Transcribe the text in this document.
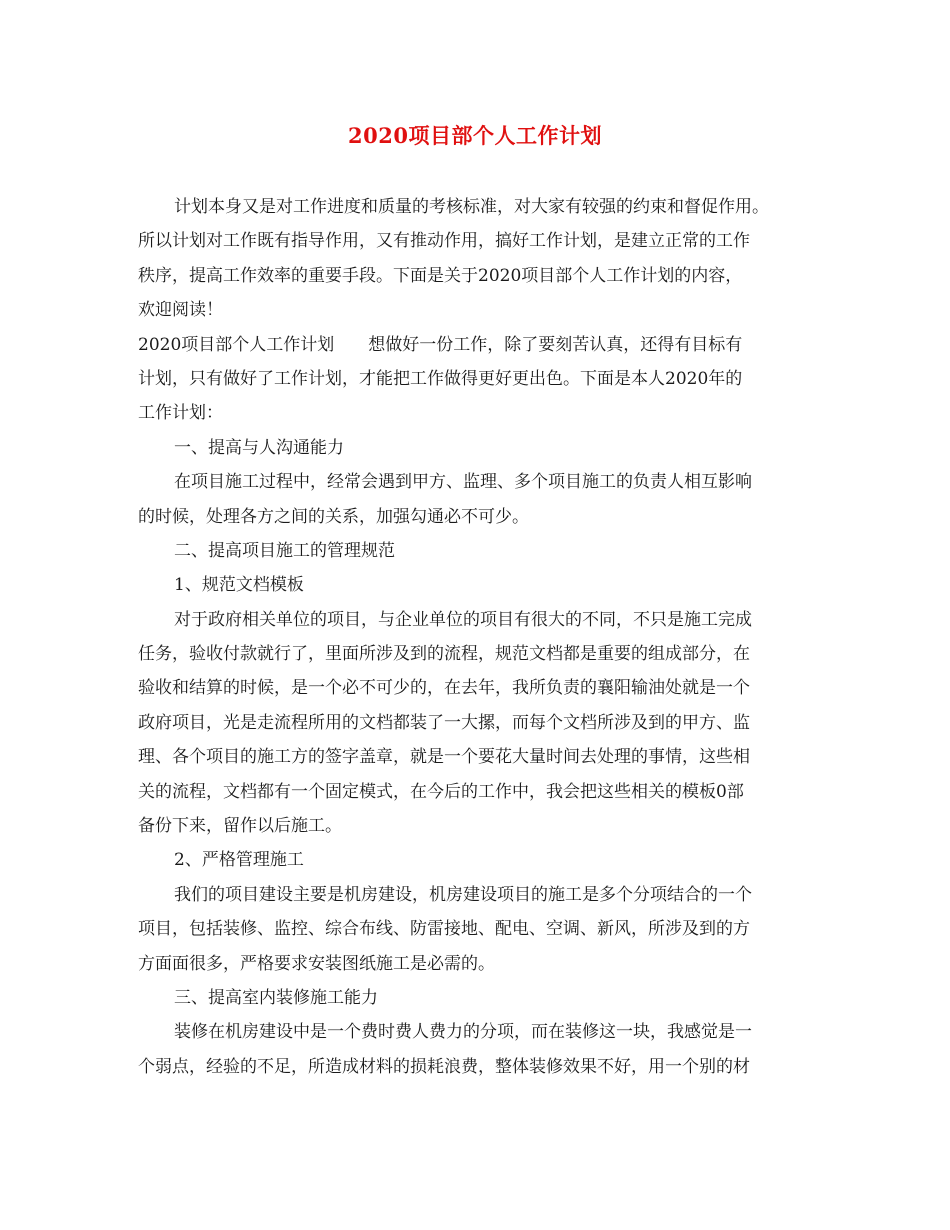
2020项目部个人工作计划
计划本身又是对工作进度和质量的考核标准，对大家有较强的约束和督促作用。
所以计划对工作既有指导作用，又有推动作用，搞好工作计划，是建立正常的工作
秩序，提高工作效率的重要手段。下面是关于2020项目部个人工作计划的内容，
欢迎阅读！
2020项目部个人工作计划　　想做好一份工作，除了要刻苦认真，还得有目标有
计划，只有做好了工作计划，才能把工作做得更好更出色。下面是本人2020年的
工作计划：
一、提高与人沟通能力
在项目施工过程中，经常会遇到甲方、监理、多个项目施工的负责人相互影响
的时候，处理各方之间的关系，加强勾通必不可少。
二、提高项目施工的管理规范
1、规范文档模板
对于政府相关单位的项目，与企业单位的项目有很大的不同，不只是施工完成
任务，验收付款就行了，里面所涉及到的流程，规范文档都是重要的组成部分，在
验收和结算的时候，是一个必不可少的，在去年，我所负责的襄阳输油处就是一个
政府项目，光是走流程所用的文档都装了一大摞，而每个文档所涉及到的甲方、监
理、各个项目的施工方的签字盖章，就是一个要花大量时间去处理的事情，这些相
关的流程，文档都有一个固定模式，在今后的工作中，我会把这些相关的模板0部
备份下来，留作以后施工。
2、严格管理施工
我们的项目建设主要是机房建设，机房建设项目的施工是多个分项结合的一个
项目，包括装修、监控、综合布线、防雷接地、配电、空调、新风，所涉及到的方
方面面很多，严格要求安装图纸施工是必需的。
三、提高室内装修施工能力
装修在机房建设中是一个费时费人费力的分项，而在装修这一块，我感觉是一
个弱点，经验的不足，所造成材料的损耗浪费，整体装修效果不好，用一个别的材
